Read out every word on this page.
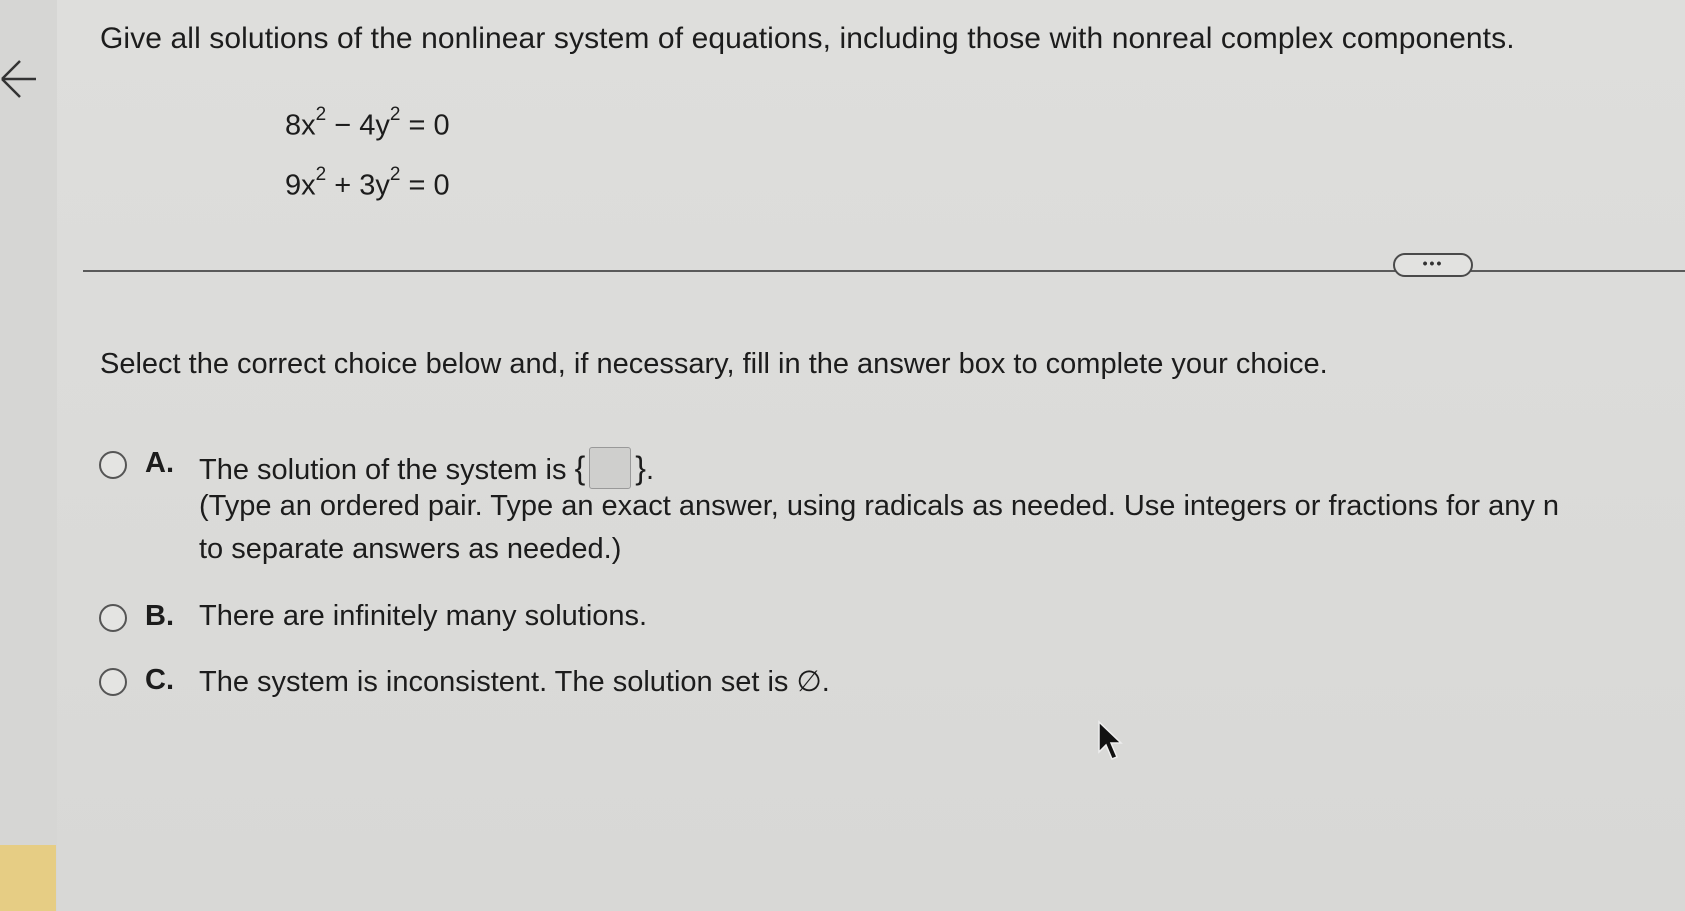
Give all solutions of the nonlinear system of equations, including those with nonreal complex components.
$8x^2 - 4y^2 = 0$
$9x^2 + 3y^2 = 0$
•••
Select the correct choice below and, if necessary, fill in the answer box to complete your choice.
A. The solution of the system is { }.
(Type an ordered pair. Type an exact answer, using radicals as needed. Use integers or fractions for any n
to separate answers as needed.)
B. There are infinitely many solutions.
C. The system is inconsistent. The solution set is ∅.
